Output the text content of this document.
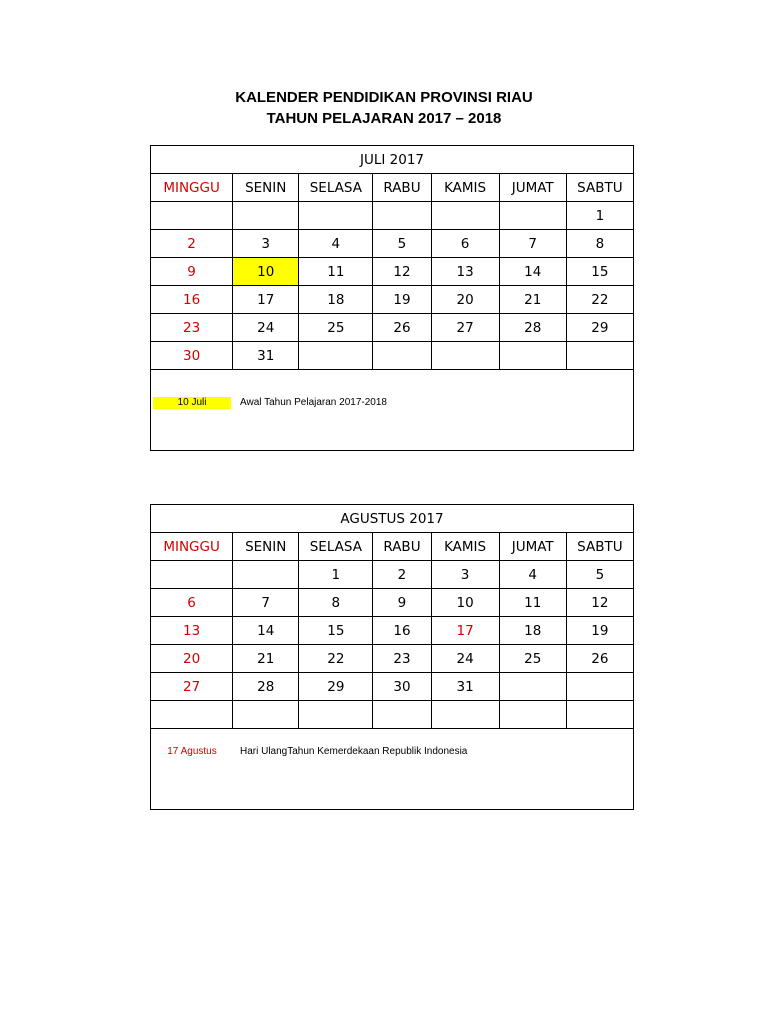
KALENDER PENDIDIKAN PROVINSI RIAU
TAHUN PELAJARAN 2017 – 2018
JULI 2017						
MINGGU	SENIN	SELASA	RABU	KAMIS	JUMAT	SABTU
						1
2	3	4	5	6	7	8
9	10	11	12	13	14	15
16	17	18	19	20	21	22
23	24	25	26	27	28	29
30	31					

10 Juli Awal Tahun Pelajaran 2017-2018						
AGUSTUS 2017						
MINGGU	SENIN	SELASA	RABU	KAMIS	JUMAT	SABTU
		1	2	3	4	5
6	7	8	9	10	11	12
13	14	15	16	17	18	19
20	21	22	23	24	25	26
27	28	29	30	31		

17 Agustus Hari UlangTahun Kemerdekaan Republik Indonesia						
